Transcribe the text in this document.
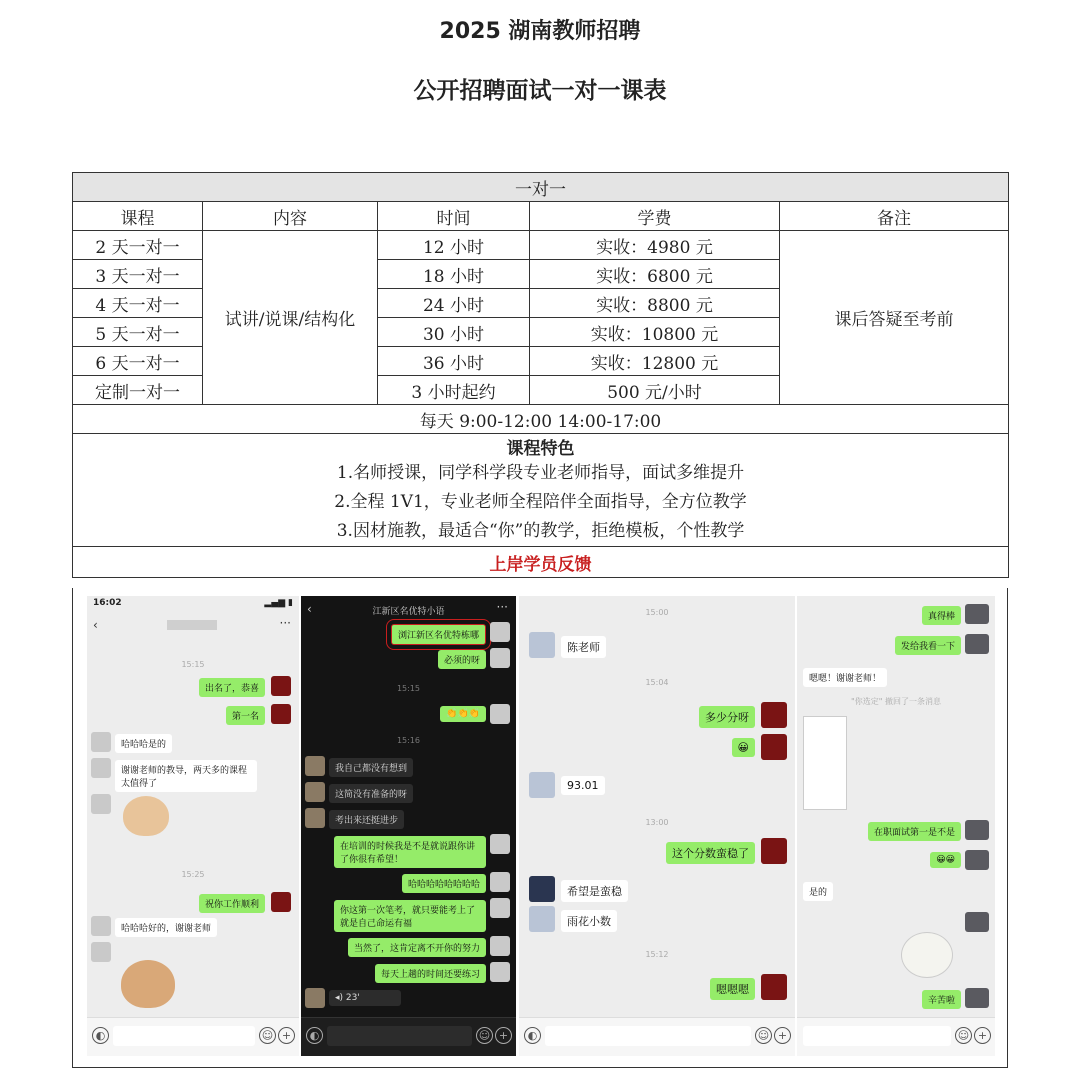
2025 湖南教师招聘
公开招聘面试一对一课表
一对一				
课程	内容	时间	学费	备注
2 天一对一	试讲/说课/结构化	12 小时	实收：4980 元	课后答疑至考前
3 天一对一		18 小时	实收：6800 元	
4 天一对一		24 小时	实收：8800 元	
5 天一对一		30 小时	实收：10800 元	
6 天一对一		36 小时	实收：12800 元	
定制一对一		3 小时起约	500 元/小时	
每天 9:00-12:00 14:00-17:00				

课程特色
1.名师授课，同学科学段专业老师指导，面试多维提升
2.全程 1V1，专业老师全程陪伴全面指导，全方位教学
3.因材施教，最适合“你”的教学，拒绝模板，个性教学				

上岸学员反馈				
16:02	▂▄▆ ▮
‹	···
15:15
出名了，恭喜
第一名
哈哈哈是的
谢谢老师的教导，两天多的课程太值得了
15:25
祝你工作顺利
哈哈哈好的，谢谢老师
◐	☺ +
‹	江新区名优特小语	···
浏江新区名优特栋哪
必须的呀
15:15
👏👏👏
15:16
我自己都没有想到
这简没有准备的呀
考出来还挺进步
在培训的时候我是不是就说跟你讲了你很有希望！
哈哈哈哈哈哈哈哈
你这第一次笔考，就只要能考上了就是自己命运有福
当然了，这肯定离不开你的努力
每天上趟的时间还要练习
◂) 23'
◐	☺ +
15:00
陈老师
15:04
多少分呀
😀
93.01
13:00
这个分数蛮稳了
希望是蛮稳
雨花小数
15:12
嗯嗯嗯
◐	☺ +
真得棒
发给我看一下
嗯嗯！谢谢老师！
"你选定" 撤回了一条消息
在职面试第一是不是
😀😀
是的
辛苦啦
☺ +
